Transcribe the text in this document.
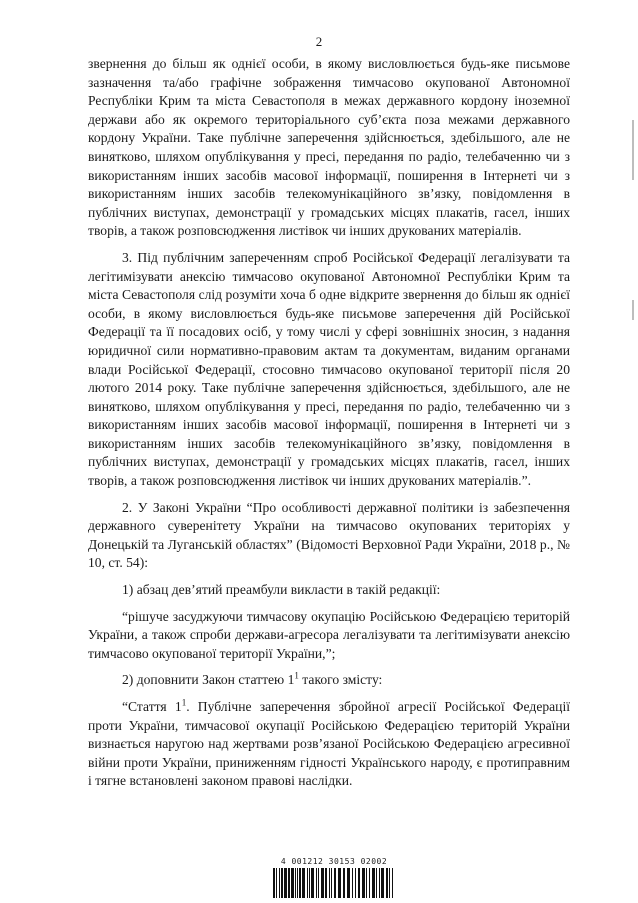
2

звернення до більш як однієї особи, в якому висловлюється будь-яке письмове зазначення та/або графічне зображення тимчасово окупованої Автономної Республіки Крим та міста Севастополя в межах державного кордону іноземної держави або як окремого територіального суб’єкта поза межами державного кордону України. Таке публічне заперечення здійснюється, здебільшого, але не винятково, шляхом опублікування у пресі, передання по радіо, телебаченню чи з використанням інших засобів масової інформації, поширення в Інтернеті чи з використанням інших засобів телекомунікаційного зв’язку, повідомлення в публічних виступах, демонстрації у громадських місцях плакатів, гасел, інших творів, а також розповсюдження листівок чи інших друкованих матеріалів.

3. Під публічним запереченням спроб Російської Федерації легалізувати та легітимізувати анексію тимчасово окупованої Автономної Республіки Крим та міста Севастополя слід розуміти хоча б одне відкрите звернення до більш як однієї особи, в якому висловлюється будь-яке письмове заперечення дій Російської Федерації та її посадових осіб, у тому числі у сфері зовнішніх зносин, з надання юридичної сили нормативно-правовим актам та документам, виданим органами влади Російської Федерації, стосовно тимчасово окупованої території після 20 лютого 2014 року. Таке публічне заперечення здійснюється, здебільшого, але не винятково, шляхом опублікування у пресі, передання по радіо, телебаченню чи з використанням інших засобів масової інформації, поширення в Інтернеті чи з використанням інших засобів телекомунікаційного зв’язку, повідомлення в публічних виступах, демонстрації у громадських місцях плакатів, гасел, інших творів, а також розповсюдження листівок чи інших друкованих матеріалів.”.

2. У Законі України “Про особливості державної політики із забезпечення державного суверенітету України на тимчасово окупованих територіях у Донецькій та Луганській областях” (Відомості Верховної Ради України, 2018 р., № 10, ст. 54):

1) абзац дев’ятий преамбули викласти в такій редакції:

“рішуче засуджуючи тимчасову окупацію Російською Федерацією територій України, а також спроби держави-агресора легалізувати та легітимізувати анексію тимчасово окупованої території України,”;

2) доповнити Закон статтею $1^1$ такого змісту:

“Стаття $1^1$. Публічне заперечення збройної агресії Російської Федерації проти України, тимчасової окупації Російською Федерацією територій України визнається наругою над жертвами розв’язаної Російською Федерацією агресивної війни проти України, приниженням гідності Українського народу, є протиправним і тягне встановлені законом правові наслідки.

4 001212 30153 02002
